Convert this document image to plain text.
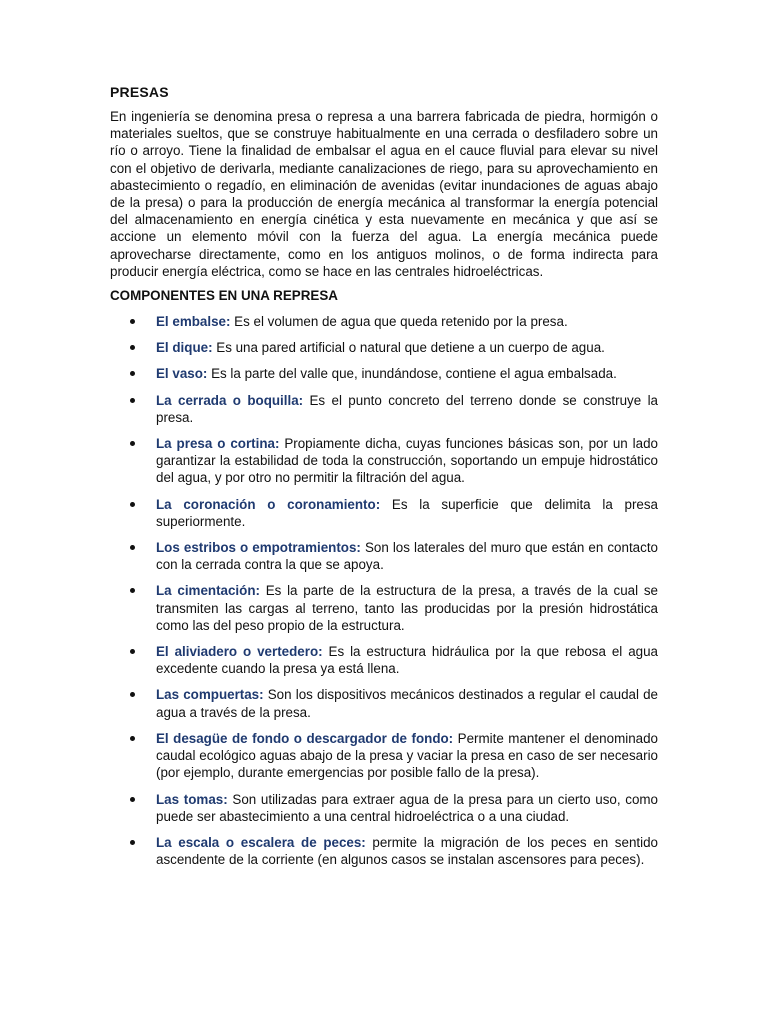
PRESAS

En ingeniería se denomina presa o represa a una barrera fabricada de piedra, hormigón o materiales sueltos, que se construye habitualmente en una cerrada o desfiladero sobre un río o arroyo. Tiene la finalidad de embalsar el agua en el cauce fluvial para elevar su nivel con el objetivo de derivarla, mediante canalizaciones de riego, para su aprovechamiento en abastecimiento o regadío, en eliminación de avenidas (evitar inundaciones de aguas abajo de la presa) o para la producción de energía mecánica al transformar la energía potencial del almacenamiento en energía cinética y esta nuevamente en mecánica y que así se accione un elemento móvil con la fuerza del agua. La energía mecánica puede aprovecharse directamente, como en los antiguos molinos, o de forma indirecta para producir energía eléctrica, como se hace en las centrales hidroeléctricas.

COMPONENTES EN UNA REPRESA
El embalse: Es el volumen de agua que queda retenido por la presa.
El dique: Es una pared artificial o natural que detiene a un cuerpo de agua.
El vaso: Es la parte del valle que, inundándose, contiene el agua embalsada.
La cerrada o boquilla: Es el punto concreto del terreno donde se construye la presa.
La presa o cortina: Propiamente dicha, cuyas funciones básicas son, por un lado garantizar la estabilidad de toda la construcción, soportando un empuje hidrostático del agua, y por otro no permitir la filtración del agua.
La coronación o coronamiento: Es la superficie que delimita la presa superiormente.
Los estribos o empotramientos: Son los laterales del muro que están en contacto con la cerrada contra la que se apoya.
La cimentación: Es la parte de la estructura de la presa, a través de la cual se transmiten las cargas al terreno, tanto las producidas por la presión hidrostática como las del peso propio de la estructura.
El aliviadero o vertedero: Es la estructura hidráulica por la que rebosa el agua excedente cuando la presa ya está llena.
Las compuertas: Son los dispositivos mecánicos destinados a regular el caudal de agua a través de la presa.
El desagüe de fondo o descargador de fondo: Permite mantener el denominado caudal ecológico aguas abajo de la presa y vaciar la presa en caso de ser necesario (por ejemplo, durante emergencias por posible fallo de la presa).
Las tomas: Son utilizadas para extraer agua de la presa para un cierto uso, como puede ser abastecimiento a una central hidroeléctrica o a una ciudad.
La escala o escalera de peces: permite la migración de los peces en sentido ascendente de la corriente (en algunos casos se instalan ascensores para peces).
